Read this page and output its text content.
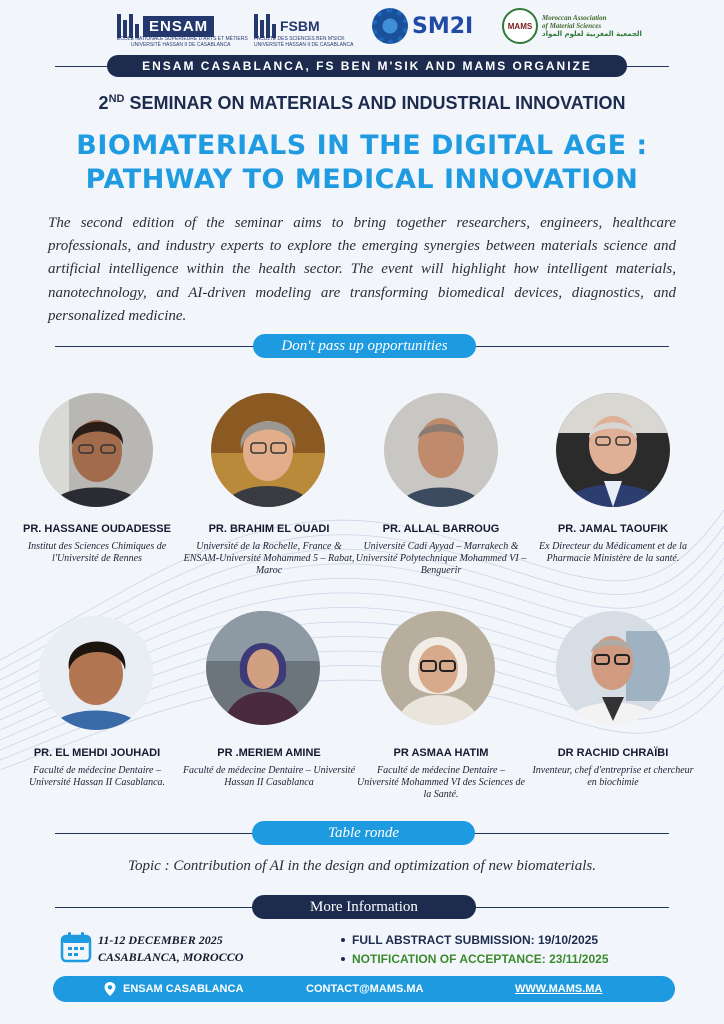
ENSAM
ÉCOLE NATIONALE SUPÉRIEURE D'ARTS ET MÉTIERS
UNIVERSITÉ HASSAN II DE CASABLANCA
FSBM
FACULTÉ DES SCIENCES BEN M'SICK
UNIVERSITÉ HASSAN II DE CASABLANCA
SM2I	MAMS
Moroccan Association
of Material Sciences
الجمعية المغربية لعلوم المواد
ENSAM CASABLANCA, FS BEN M'SIK AND MAMS ORGANIZE
2ND SEMINAR ON MATERIALS AND INDUSTRIAL INNOVATION
BIOMATERIALS IN THE DIGITAL AGE :
PATHWAY TO MEDICAL INNOVATION

The second edition of the seminar aims to bring together researchers, engineers, healthcare professionals, and industry experts to explore the emerging synergies between materials science and artificial intelligence within the health sector. The event will highlight how intelligent materials, nanotechnology, and AI-driven modeling are transforming biomedical devices, diagnostics, and personalized medicine.

Don't pass up opportunities
PR. HASSANE OUDADESSE	PR. BRAHIM EL OUADI	PR. ALLAL BARROUG	PR. JAMAL TAOUFIK
Institut des Sciences Chimiques de l'Université de Rennes
Université de la Rochelle, France & ENSAM-Université Mohammed 5 – Rabat, Maroc
Université Cadi Ayyad – Marrakech & Université Polytechnique Mohammed VI – Benguerir
Ex Directeur du Médicament et de la Pharmacie Ministère de la santé.
PR. EL MEHDI JOUHADI	PR .MERIEM AMINE	PR ASMAA HATIM	DR RACHID CHRAÏBI
Faculté de médecine Dentaire – Université Hassan II Casablanca.
Faculté de médecine Dentaire – Université Hassan II Casablanca
Faculté de médecine Dentaire – Université Mohammed VI des Sciences de la Santé.
Inventeur, chef d'entreprise et chercheur en biochimie
Table ronde
Topic : Contribution of AI in the design and optimization of new biomaterials.
More Information
11-12 DECEMBER 2025
CASABLANCA, MOROCCO
FULL ABSTRACT SUBMISSION: 19/10/2025
NOTIFICATION OF ACCEPTANCE: 23/11/2025
ENSAM CASABLANCA	CONTACT@MAMS.MA	WWW.MAMS.MA
